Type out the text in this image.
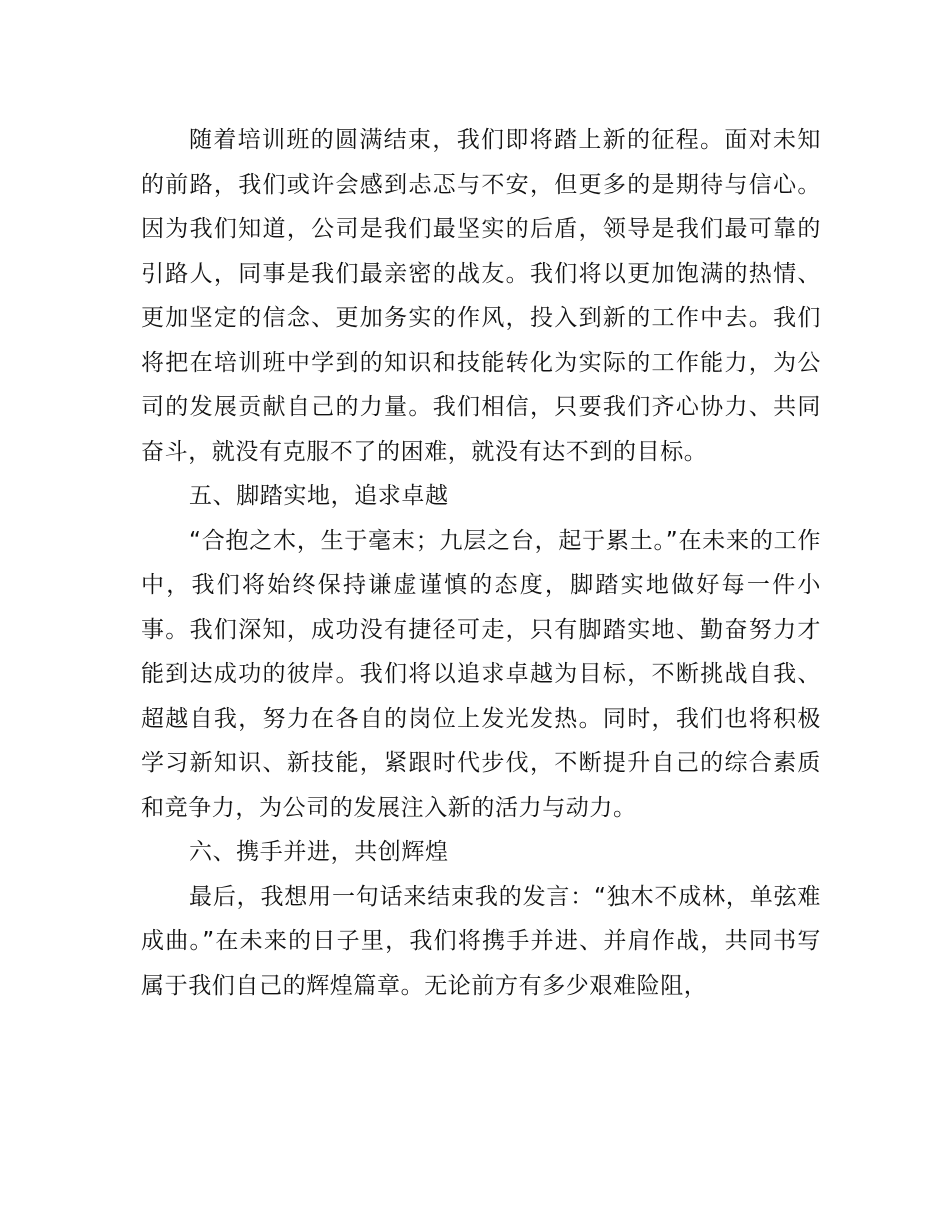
随着培训班的圆满结束，我们即将踏上新的征程。面对未知的前路，我们或许会感到忐忑与不安，但更多的是期待与信心。因为我们知道，公司是我们最坚实的后盾，领导是我们最可靠的引路人，同事是我们最亲密的战友。我们将以更加饱满的热情、更加坚定的信念、更加务实的作风，投入到新的工作中去。我们将把在培训班中学到的知识和技能转化为实际的工作能力，为公司的发展贡献自己的力量。我们相信，只要我们齐心协力、共同奋斗，就没有克服不了的困难，就没有达不到的目标。

五、脚踏实地，追求卓越

“合抱之木，生于毫末；九层之台，起于累土。”在未来的工作中，我们将始终保持谦虚谨慎的态度，脚踏实地做好每一件小事。我们深知，成功没有捷径可走，只有脚踏实地、勤奋努力才能到达成功的彼岸。我们将以追求卓越为目标，不断挑战自我、超越自我，努力在各自的岗位上发光发热。同时，我们也将积极学习新知识、新技能，紧跟时代步伐，不断提升自己的综合素质和竞争力，为公司的发展注入新的活力与动力。

六、携手并进，共创辉煌

最后，我想用一句话来结束我的发言：“独木不成林，单弦难成曲。”在未来的日子里，我们将携手并进、并肩作战，共同书写属于我们自己的辉煌篇章。无论前方有多少艰难险阻，
